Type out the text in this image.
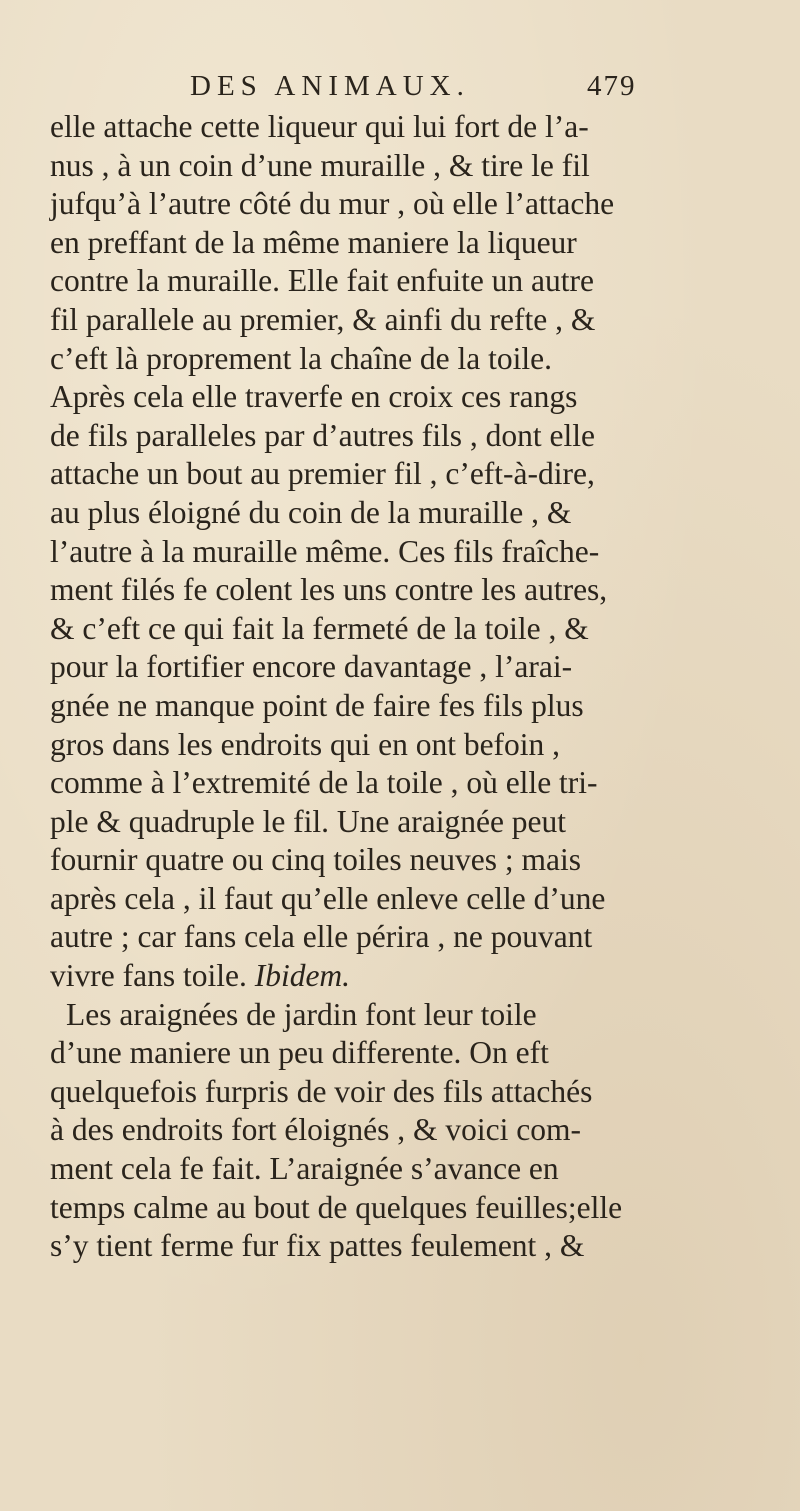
DES ANIMAUX.	479
elle attache cette liqueur qui lui fort de l’a-
nus , à un coin d’une muraille , & tire le fil
jufqu’à l’autre côté du mur , où elle l’attache
en preffant de la même maniere la liqueur
contre la muraille. Elle fait enfuite un autre
fil parallele au premier, & ainfi du refte , &
c’eft là proprement la chaîne de la toile.
Après cela elle traverfe en croix ces rangs
de fils paralleles par d’autres fils , dont elle
attache un bout au premier fil , c’eft-à-dire,
au plus éloigné du coin de la muraille , &
l’autre à la muraille même. Ces fils fraîche-
ment filés fe colent les uns contre les autres,
& c’eft ce qui fait la fermeté de la toile , &
pour la fortifier encore davantage , l’arai-
gnée ne manque point de faire fes fils plus
gros dans les endroits qui en ont befoin ,
comme à l’extremité de la toile , où elle tri-
ple & quadruple le fil. Une araignée peut
fournir quatre ou cinq toiles neuves ; mais
après cela , il faut qu’elle enleve celle d’une
autre ; car fans cela elle périra , ne pouvant
vivre fans toile. Ibidem.
Les araignées de jardin font leur toile
d’une maniere un peu differente. On eft
quelquefois furpris de voir des fils attachés
à des endroits fort éloignés , & voici com-
ment cela fe fait. L’araignée s’avance en
temps calme au bout de quelques feuilles;elle
s’y tient ferme fur fix pattes feulement , &
